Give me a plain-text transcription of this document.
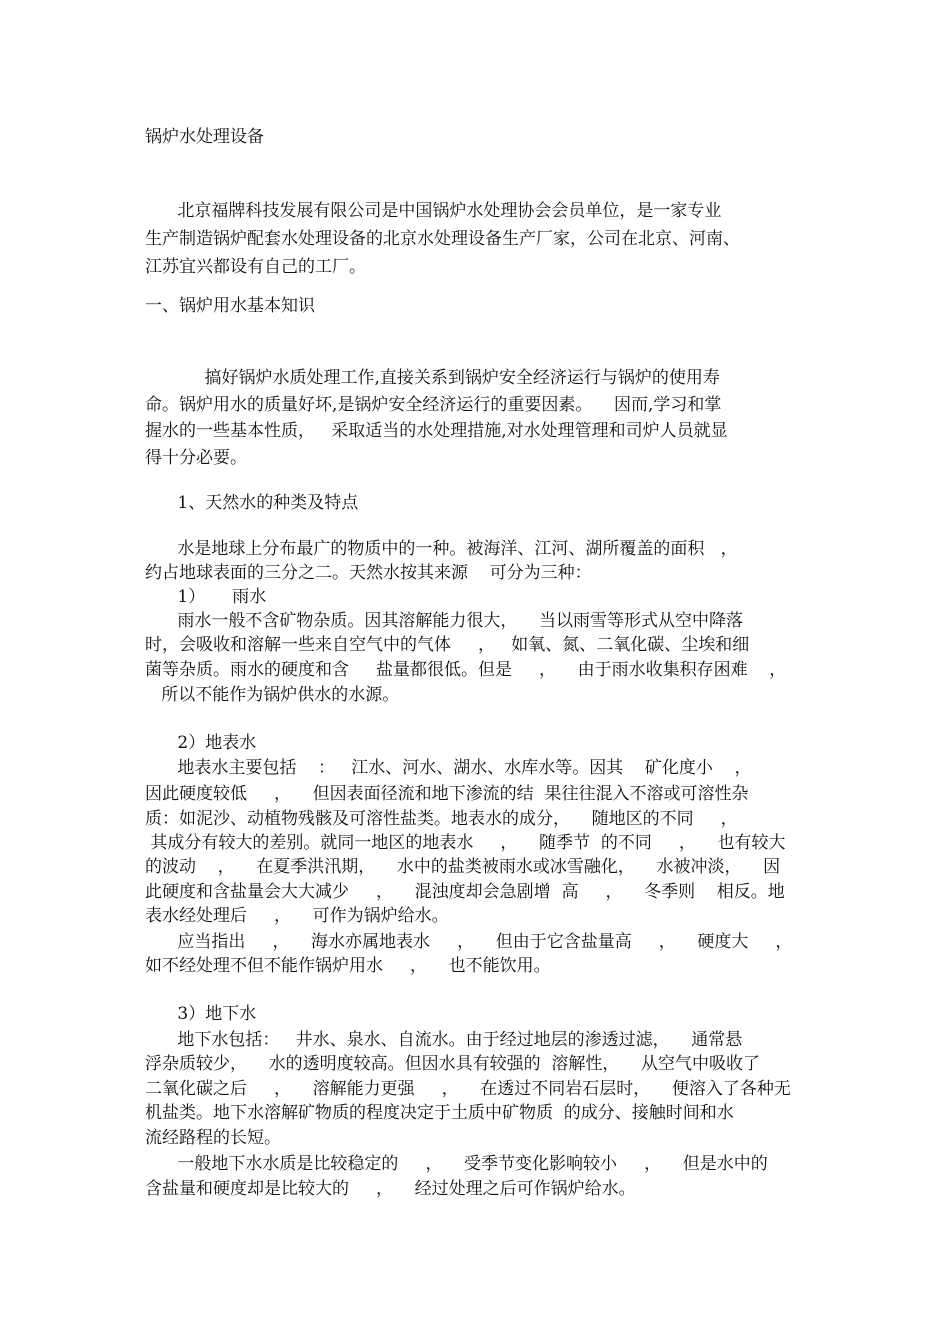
锅炉水处理设备
北京福牌科技发展有限公司是中国锅炉水处理协会会员单位，是一家专业
生产制造锅炉配套水处理设备的北京水处理设备生产厂家，公司在北京、河南、
江苏宜兴都设有自己的工厂。
一、锅炉用水基本知识
搞好锅炉水质处理工作,直接关系到锅炉安全经济运行与锅炉的使用寿
命。锅炉用水的质量好坏,是锅炉安全经济运行的重要因素。    因而,学习和掌
握水的一些基本性质，   采取适当的水处理措施,对水处理管理和司炉人员就显
得十分必要。
1、天然水的种类及特点
水是地球上分布最广的物质中的一种。被海洋、江河、湖所覆盖的面积   ，
约占地球表面的三分之二。天然水按其来源    可分为三种：
1）     雨水
雨水一般不含矿物杂质。因其溶解能力很大，    当以雨雪等形式从空中降落
时，会吸收和溶解一些来自空气中的气体     ，   如氧、氮、二氧化碳、尘埃和细
菌等杂质。雨水的硬度和含     盐量都很低。但是     ，    由于雨水收集积存困难    ，
所以不能作为锅炉供水的水源。
2）地表水
地表水主要包括    ：   江水、河水、湖水、水库水等。因其    矿化度小    ，
因此硬度较低     ，    但因表面径流和地下渗流的结  果往往混入不溶或可溶性杂
质：如泥沙、动植物残骸及可溶性盐类。地表水的成分，    随地区的不同     ，
其成分有较大的差别。就同一地区的地表水     ，    随季节  的不同     ，    也有较大
的波动    ，    在夏季洪汛期，    水中的盐类被雨水或冰雪融化，    水被冲淡，    因
此硬度和含盐量会大大减少     ，    混浊度却会急剧增  高     ，    冬季则    相反。地
表水经处理后     ，    可作为锅炉给水。
应当指出     ，    海水亦属地表水     ，    但由于它含盐量高     ，    硬度大     ，
如不经处理不但不能作锅炉用水     ，    也不能饮用。
3）地下水
地下水包括：   井水、泉水、自流水。由于经过地层的渗透过滤，    通常悬
浮杂质较少，    水的透明度较高。但因水具有较强的  溶解性，    从空气中吸收了
二氧化碳之后     ，    溶解能力更强     ，    在透过不同岩石层时，    便溶入了各种无
机盐类。地下水溶解矿物质的程度决定于土质中矿物质  的成分、接触时间和水
流经路程的长短。
一般地下水水质是比较稳定的     ，    受季节变化影响较小     ，    但是水中的
含盐量和硬度却是比较大的     ，    经过处理之后可作锅炉给水。
